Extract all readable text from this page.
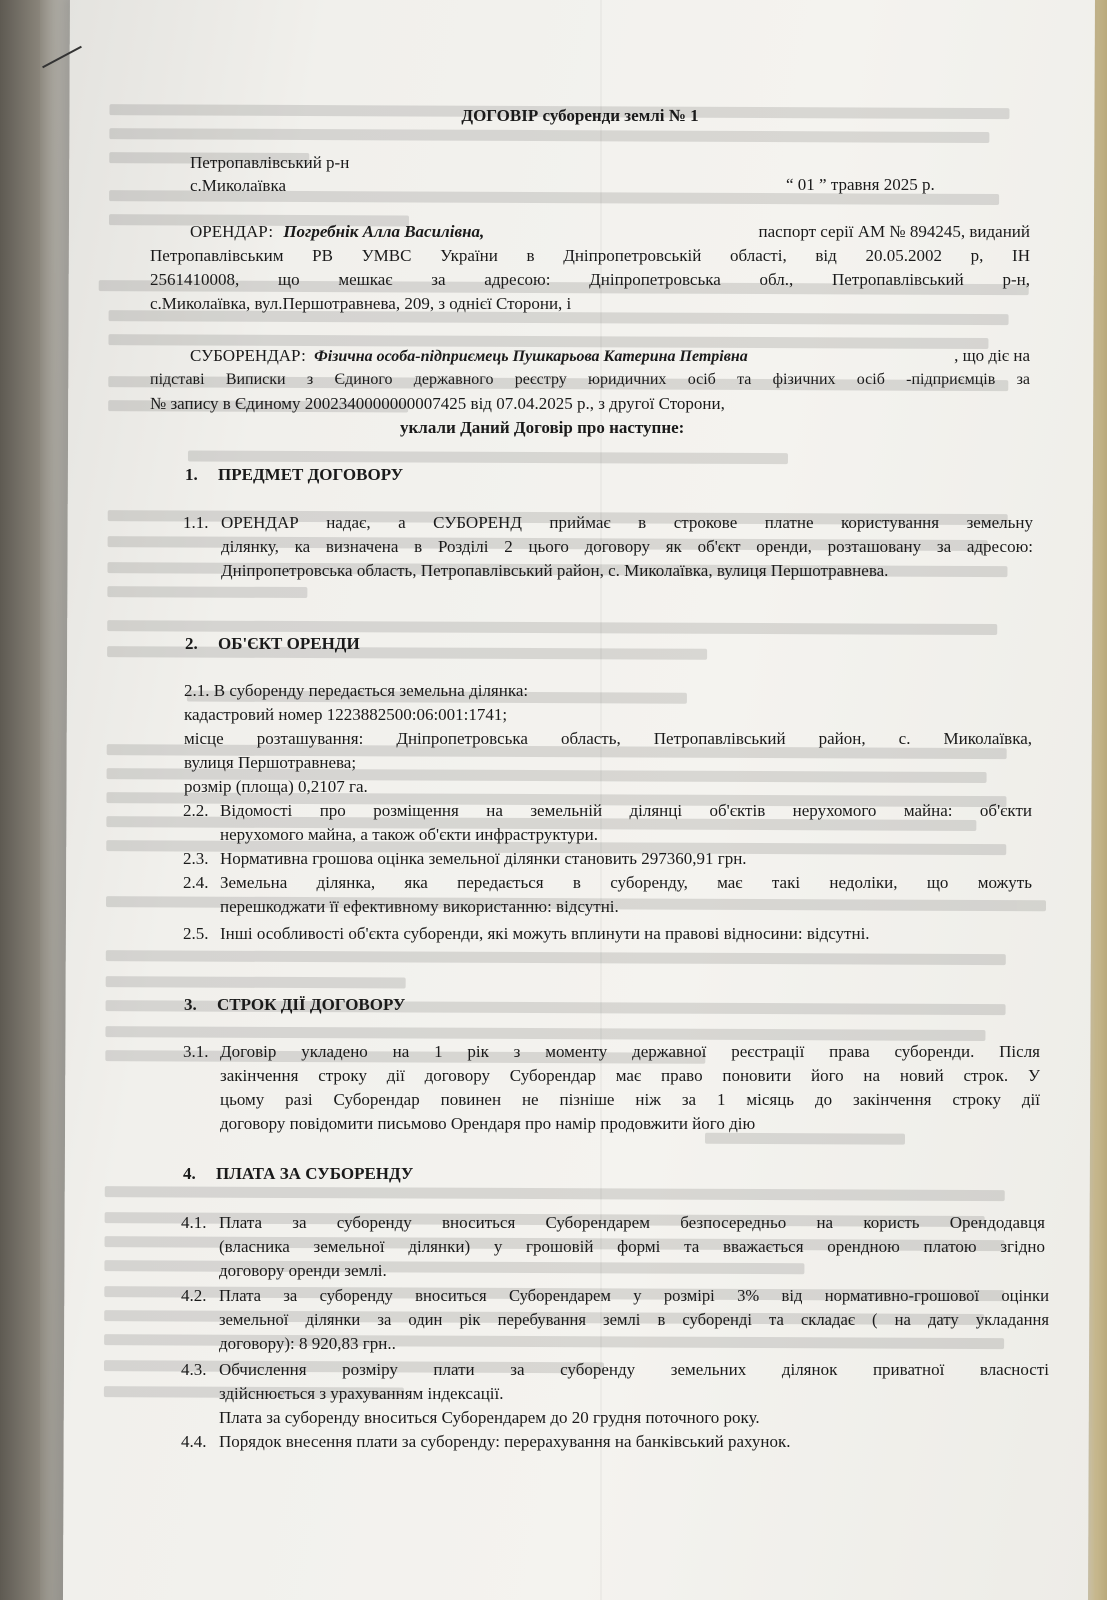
ДОГОВІР суборенди землі № 1
Петропавлівський р-н
с.Миколаївка	“ 01 ” травня 2025 р.
ОРЕНДАР: Погребнік Алла Василівна,	паспорт серії АМ № 894245, виданий
Петропавлівським РВ УМВС України в Дніпропетровській області, від 20.05.2002 р, ІН
2561410008, що мешкає за адресою: Дніпропетровська обл., Петропавлівський р-н,
с.Миколаївка, вул.Першотравнева, 209, з однієї Сторони, і
СУБОРЕНДАР: Фізична особа-підприємець Пушкарьова Катерина Петрівна	, що діє на
підставі Виписки з Єдиного державного реєстру юридичних осіб та фізичних осіб -підприємців за
№ запису в Єдиному 2002340000000007425 від 07.04.2025 р., з другої Сторони,
уклали Даний Договір про наступне:
1. ПРЕДМЕТ ДОГОВОРУ
1.1. ОРЕНДАР надає, а СУБОРЕНД приймає в строкове платне користування земельну
ділянку, ка визначена в Розділі 2 цього договору як об'єкт оренди, розташовану за адресою:
Дніпропетровська область, Петропавлівський район, с. Миколаївка, вулиця Першотравнева.
2. ОБ'ЄКТ ОРЕНДИ
2.1. В суборенду передається земельна ділянка:
кадастровий номер 1223882500:06:001:1741;
місце розташування: Дніпропетровська область, Петропавлівський район, с. Миколаївка,
вулиця Першотравнева;
розмір (площа) 0,2107 га.
2.2. Відомості про розміщення на земельній ділянці об'єктів нерухомого майна: об'єкти
нерухомого майна, а також об'єкти инфраструктури.
2.3. Нормативна грошова оцінка земельної ділянки становить 297360,91 грн.
2.4. Земельна ділянка, яка передається в суборенду, має такі недоліки, що можуть
перешкоджати її ефективному використанню: відсутні.
2.5. Інші особливості об'єкта суборенди, які можуть вплинути на правові відносини: відсутні.
3. СТРОК ДІЇ ДОГОВОРУ
3.1. Договір укладено на 1 рік з моменту державної реєстрації права суборенди. Після
закінчення строку дії договору Суборендар має право поновити його на новий строк. У
цьому разі Суборендар повинен не пізніше ніж за 1 місяць до закінчення строку дії
договору повідомити письмово Орендаря про намір продовжити його дію
4. ПЛАТА ЗА СУБОРЕНДУ
4.1. Плата за суборенду вноситься Суборендарем безпосередньо на користь Орендодавця
(власника земельної ділянки) у грошовій формі та вважається орендною платою згідно
договору оренди землі.
4.2. Плата за суборенду вноситься Суборендарем у розмірі 3% від нормативно-грошової оцінки
земельної ділянки за один рік перебування землі в суборенді та складає ( на дату укладання
договору): 8 920,83 грн..
4.3. Обчислення розміру плати за суборенду земельних ділянок приватної власності
здійснюється з урахуванням індексації.
Плата за суборенду вноситься Суборендарем до 20 грудня поточного року.
4.4. Порядок внесення плати за суборенду: перерахування на банківський рахунок.
